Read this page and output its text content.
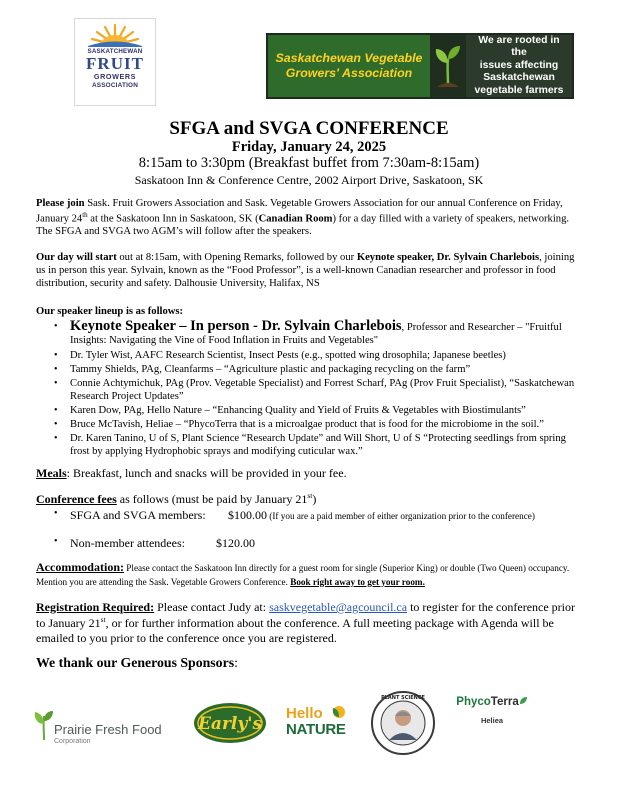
SASKATCHEWAN
FRUIT
GROWERS
ASSOCIATION
Saskatchewan Vegetable
Growers' Association
We are rooted in the
issues affecting
Saskatchewan
vegetable farmers
SFGA and SVGA CONFERENCE
Friday, January 24, 2025
8:15am to 3:30pm (Breakfast buffet from 7:30am-8:15am)
Saskatoon Inn & Conference Centre, 2002 Airport Drive, Saskatoon, SK
Please join Sask. Fruit Growers Association and Sask. Vegetable Growers Association for our annual Conference on Friday, January 24th at the Saskatoon Inn in Saskatoon, SK (Canadian Room) for a day filled with a variety of speakers, networking. The SFGA and SVGA two AGM’s will follow after the speakers.
Our day will start out at 8:15am, with Opening Remarks, followed by our Keynote speaker, Dr. Sylvain Charlebois, joining us in person this year. Sylvain, known as the “Food Professor”, is a well-known Canadian researcher and professor in food distribution, security and safety. Dalhousie University, Halifax, NS
Our speaker lineup is as follows:
• Keynote Speaker – In person - Dr. Sylvain Charlebois, Professor and Researcher – "Fruitful Insights: Navigating the Vine of Food Inflation in Fruits and Vegetables"
• Dr. Tyler Wist, AAFC Research Scientist, Insect Pests (e.g., spotted wing drosophila; Japanese beetles)
• Tammy Shields, PAg, Cleanfarms – “Agriculture plastic and packaging recycling on the farm”
• Connie Achtymichuk, PAg (Prov. Vegetable Specialist) and Forrest Scharf, PAg (Prov Fruit Specialist), “Saskatchewan Research Project Updates”
• Karen Dow, PAg, Hello Nature – “Enhancing Quality and Yield of Fruits & Vegetables with Biostimulants”
• Bruce McTavish, Heliae – “PhycoTerra that is a microalgae product that is food for the microbiome in the soil.”
• Dr. Karen Tanino, U of S, Plant Science “Research Update” and Will Short, U of S “Protecting seedlings from spring frost by applying Hydrophobic sprays and modifying cuticular wax.”
Meals: Breakfast, lunch and snacks will be provided in your fee.
Conference fees as follows (must be paid by January 21st)
• SFGA and SVGA members: $100.00 (If you are a paid member of either organization prior to the conference)
• Non-member attendees:	$120.00
Accommodation: Please contact the Saskatoon Inn directly for a guest room for single (Superior King) or double (Two Queen) occupancy. Mention you are attending the Sask. Vegetable Growers Conference. Book right away to get your room.
Registration Required: Please contact Judy at: saskvegetable@agcouncil.ca to register for the conference prior to January 21st, or for further information about the conference. A full meeting package with Agenda will be emailed to you prior to the conference once you are registered.
We thank our Generous Sponsors:
Prairie Fresh Food
Corporation
Early's
Hello
NATURE
PLANT SCIENCE	PhycoTerra
Heliea
